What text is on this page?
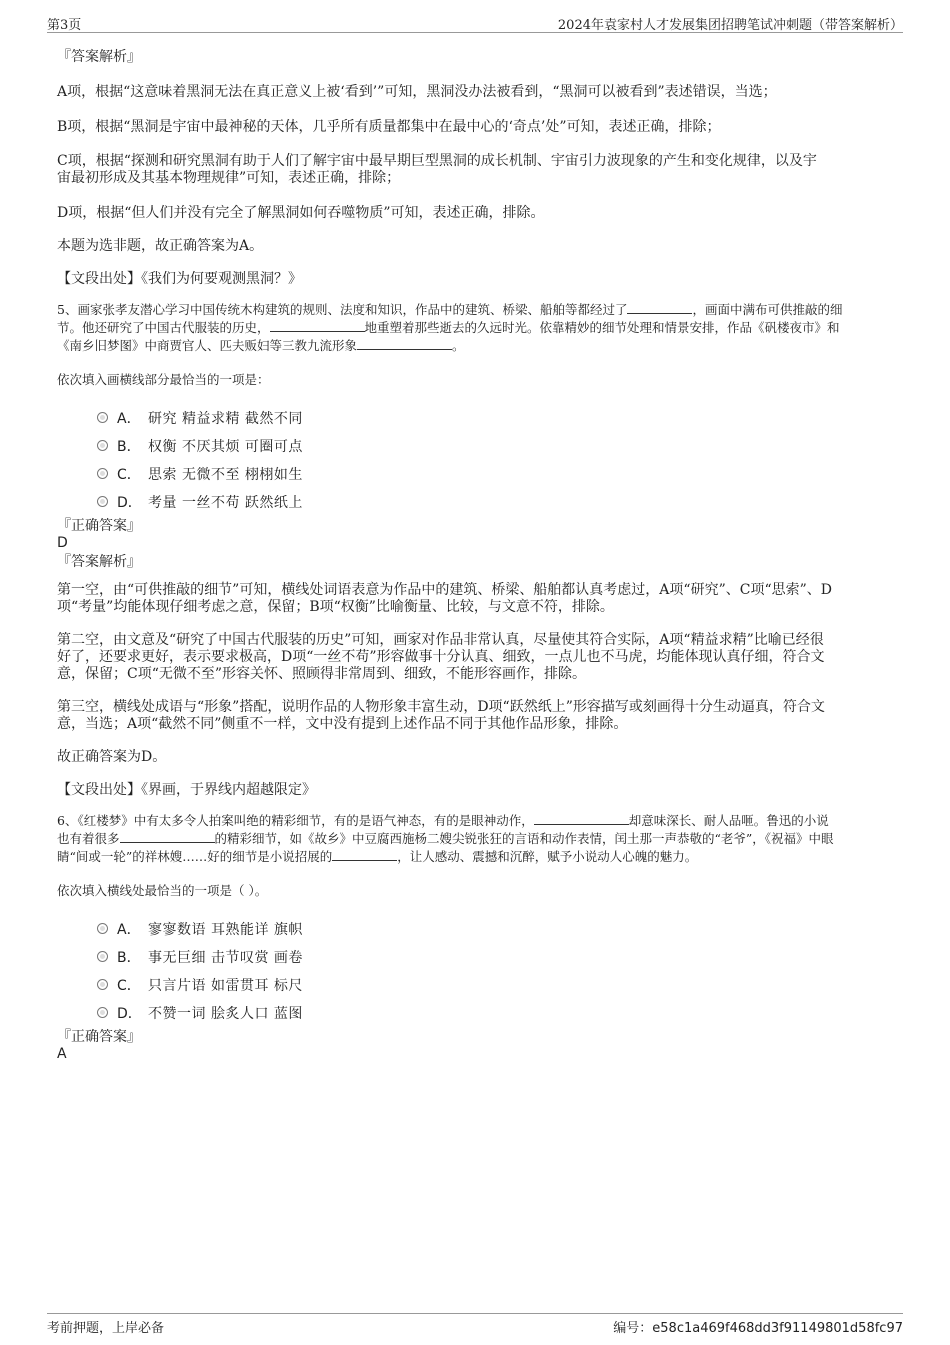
第3页	2024年袁家村人才发展集团招聘笔试冲刺题（带答案解析）

『答案解析』

A项，根据“这意味着黑洞无法在真正意义上被‘看到’”可知，黑洞没办法被看到，“黑洞可以被看到”表述错误，当选；

B项，根据“黑洞是宇宙中最神秘的天体，几乎所有质量都集中在最中心的‘奇点’处”可知，表述正确，排除；

C项，根据“探测和研究黑洞有助于人们了解宇宙中最早期巨型黑洞的成长机制、宇宙引力波现象的产生和变化规律，以及宇

宙最初形成及其基本物理规律”可知，表述正确，排除；

D项，根据“但人们并没有完全了解黑洞如何吞噬物质”可知，表述正确，排除。

本题为选非题，故正确答案为A。

【文段出处】《我们为何要观测黑洞？》

5、画家张孝友潜心学习中国传统木构建筑的规则、法度和知识，作品中的建筑、桥梁、船舶等都经过了	，画面中满布可供推敲的细

节。他还研究了中国古代服装的历史，	地重塑着那些逝去的久远时光。依靠精妙的细节处理和情景安排，作品《矾楼夜市》和

《南乡旧梦图》中商贾官人、匹夫贩妇等三教九流形象	。

依次填入画横线部分最恰当的一项是：

A． 研究 精益求精 截然不同
B． 权衡 不厌其烦 可圈可点
C． 思索 无微不至 栩栩如生
D． 考量 一丝不苟 跃然纸上

『正确答案』

D

『答案解析』

第一空，由“可供推敲的细节”可知，横线处词语表意为作品中的建筑、桥梁、船舶都认真考虑过，A项“研究”、C项“思索”、D

项“考量”均能体现仔细考虑之意，保留；B项“权衡”比喻衡量、比较，与文意不符，排除。

第二空，由文意及“研究了中国古代服装的历史”可知，画家对作品非常认真，尽量使其符合实际，A项“精益求精”比喻已经很

好了，还要求更好，表示要求极高，D项“一丝不苟”形容做事十分认真、细致，一点儿也不马虎，均能体现认真仔细，符合文

意，保留；C项“无微不至”形容关怀、照顾得非常周到、细致，不能形容画作，排除。

第三空，横线处成语与“形象”搭配，说明作品的人物形象丰富生动，D项“跃然纸上”形容描写或刻画得十分生动逼真，符合文

意，当选；A项“截然不同”侧重不一样，文中没有提到上述作品不同于其他作品形象，排除。

故正确答案为D。

【文段出处】《界画，于界线内超越限定》

6、《红楼梦》中有太多令人拍案叫绝的精彩细节，有的是语气神态，有的是眼神动作，	却意味深长、耐人品咂。鲁迅的小说

也有着很多	的精彩细节，如《故乡》中豆腐西施杨二嫂尖锐张狂的言语和动作表情，闰土那一声恭敬的“老爷”，《祝福》中眼

睛“间或一轮”的祥林嫂……好的细节是小说招展的	，让人感动、震撼和沉醉，赋予小说动人心魄的魅力。

依次填入横线处最恰当的一项是（ ）。

A． 寥寥数语 耳熟能详 旗帜
B． 事无巨细 击节叹赏 画卷
C． 只言片语 如雷贯耳 标尺
D． 不赞一词 脍炙人口 蓝图

『正确答案』

A

考前押题，上岸必备	编号：e58c1a469f468dd3f91149801d58fc97
